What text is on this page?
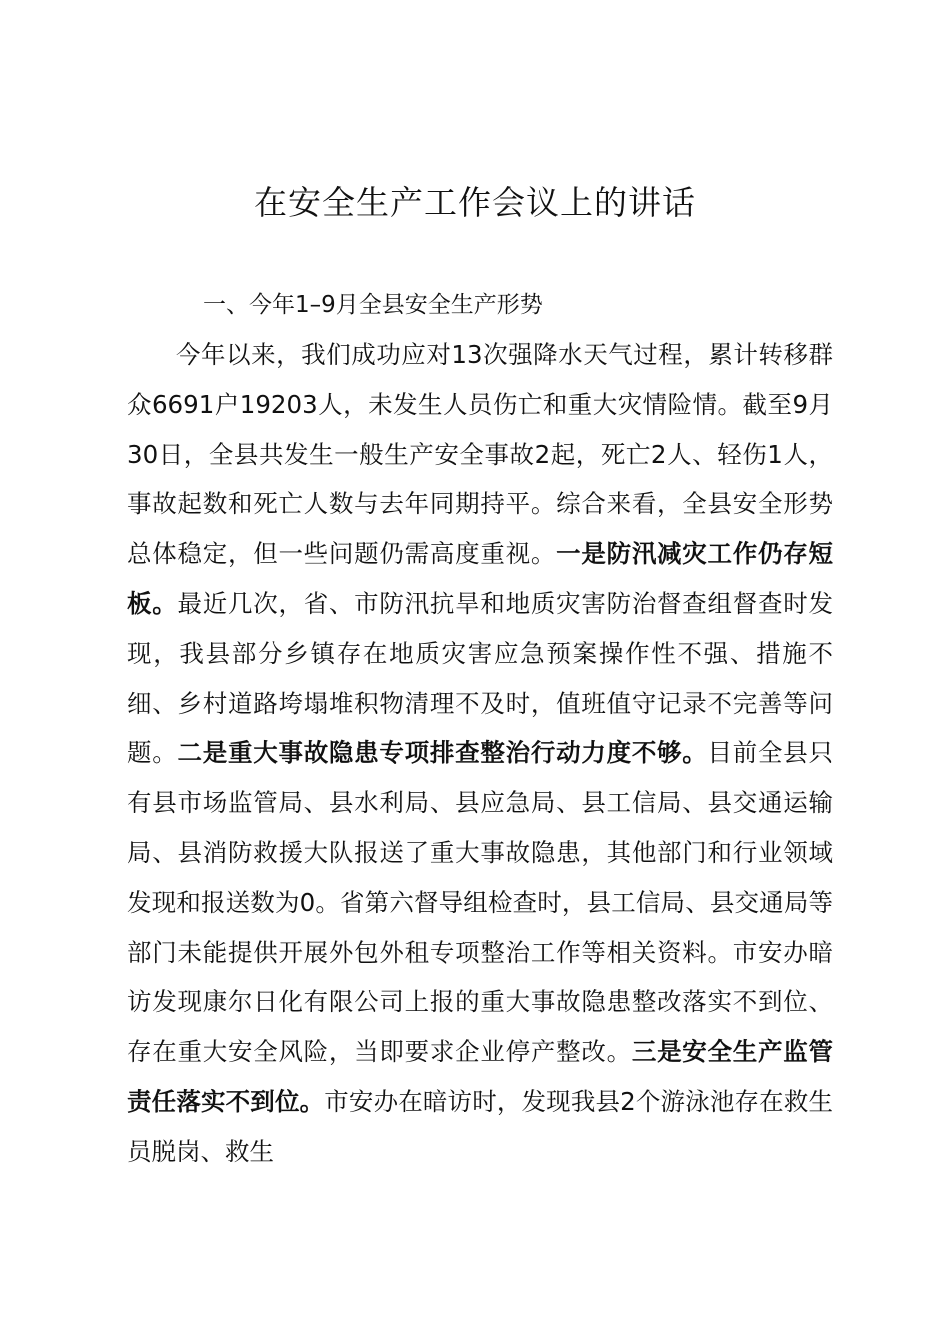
在安全生产工作会议上的讲话
一、今年1–9月全县安全生产形势

今年以来，我们成功应对13次强降水天气过程，累计转移群众6691户19203人，未发生人员伤亡和重大灾情险情。截至9月30日，全县共发生一般生产安全事故2起，死亡2人、轻伤1人，事故起数和死亡人数与去年同期持平。综合来看，全县安全形势总体稳定，但一些问题仍需高度重视。一是防汛减灾工作仍存短板。最近几次，省、市防汛抗旱和地质灾害防治督查组督查时发现，我县部分乡镇存在地质灾害应急预案操作性不强、措施不细、乡村道路垮塌堆积物清理不及时，值班值守记录不完善等问题。二是重大事故隐患专项排查整治行动力度不够。目前全县只有县市场监管局、县水利局、县应急局、县工信局、县交通运输局、县消防救援大队报送了重大事故隐患，其他部门和行业领域发现和报送数为0。省第六督导组检查时，县工信局、县交通局等部门未能提供开展外包外租专项整治工作等相关资料。市安办暗访发现康尔日化有限公司上报的重大事故隐患整改落实不到位、存在重大安全风险，当即要求企业停产整改。三是安全生产监管责任落实不到位。市安办在暗访时，发现我县2个游泳池存在救生员脱岗、救生
